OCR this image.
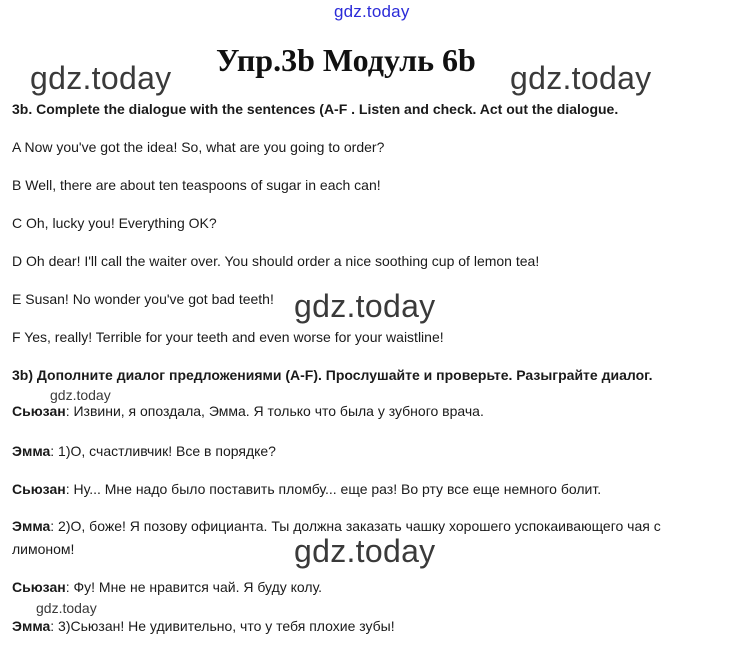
gdz.today
Упр.3b Модуль 6b
gdz.today	gdz.today
3b. Complete the dialogue with the sentences (A-F . Listen and check. Act out the dialogue.
A Now you've got the idea! So, what are you going to order?
B Well, there are about ten teaspoons of sugar in each can!
C Oh, lucky you! Everything OK?
D Oh dear! I'll call the waiter over. You should order a nice soothing cup of lemon tea!
E Susan! No wonder you've got bad teeth! gdz.today
F Yes, really! Terrible for your teeth and even worse for your waistline!
3b) Дополните диалог предложениями (A-F). Прослушайте и проверьте. Разыграйте диалог.
gdz.today
Сьюзан: Извини, я опоздала, Эмма. Я только что была у зубного врача.
Эмма: 1)О, счастливчик! Все в порядке?
Сьюзан: Ну... Мне надо было поставить пломбу... еще раз! Во рту все еще немного болит.
Эмма: 2)О, боже! Я позову официанта. Ты должна заказать чашку хорошего успокаивающего чая с
лимоном!	gdz.today
Сьюзан: Фу! Мне не нравится чай. Я буду колу.
gdz.today
Эмма: 3)Сьюзан! Не удивительно, что у тебя плохие зубы!
